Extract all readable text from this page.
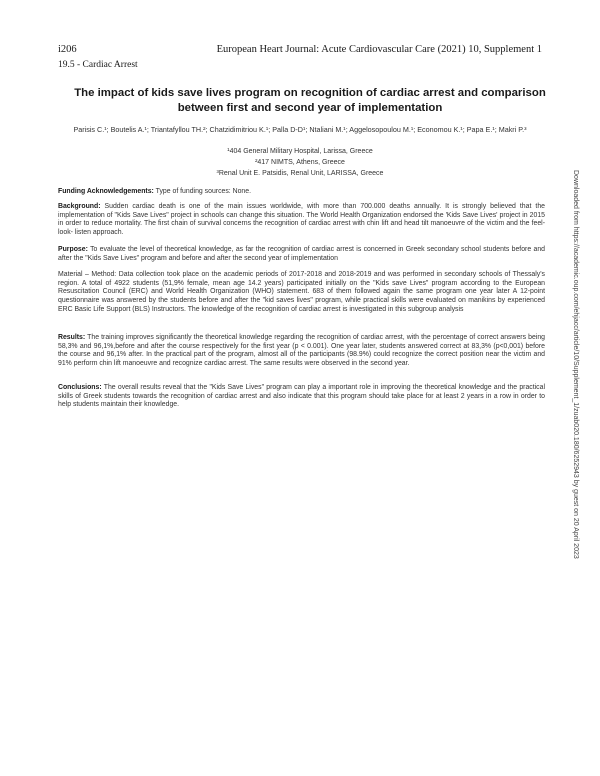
i206	European Heart Journal: Acute Cardiovascular Care (2021) 10, Supplement 1
19.5 - Cardiac Arrest
The impact of kids save lives program on recognition of cardiac arrest and comparison between first and second year of implementation
Parisis C.¹; Boutelis A.¹; Triantafyllou TH.²; Chatzidimitriou K.¹; Palla D-D¹; Ntaliani M.¹; Aggelosopoulou M.¹; Economou K.¹; Papa E.¹; Makri P.³
¹404 General Military Hospital, Larissa, Greece
²417 NIMTS, Athens, Greece
³Renal Unit E. Patsidis, Renal Unit, LARISSA, Greece

Funding Acknowledgements: Type of funding sources: None.

Background: Sudden cardiac death is one of the main issues worldwide, with more than 700.000 deaths annually. It is strongly believed that the implementation of "Kids Save Lives" project in schools can change this situation. The World Health Organization endorsed the 'Kids Save Lives' project in 2015 in order to reduce mortality. The first chain of survival concerns the recognition of cardiac arrest with chin lift and head tilt manoeuvre of the victim and the feel- look- listen approach.

Purpose: To evaluate the level of theoretical knowledge, as far the recognition of cardiac arrest is concerned in Greek secondary school students before and after the "Kids Save Lives" program and before and after the second year of implementation

Material – Method: Data collection took place on the academic periods of 2017-2018 and 2018-2019 and was performed in secondary schools of Thessaly's region. A total of 4922 students (51,9% female, mean age 14.2 years) participated initially on the "Kids save Lives" program according to the European Resuscitation Council (ERC) and World Health Organization (WHO) statement. 683 of them followed again the same program one year later A 12-point questionnaire was answered by the students before and after the "kid saves lives" program, while practical skills were evaluated on manikins by experienced ERC Basic Life Support (BLS) Instructors. The knowledge of the recognition of cardiac arrest is investigated in this subgroup analysis

Results: The training improves significantly the theoretical knowledge regarding the recognition of cardiac arrest, with the percentage of correct answers being 58,3% and 96,1%,before and after the course respectively for the first year (p < 0.001). One year later, students answered correct at 83,3% (p<0,001) before the course and 96,1% after. In the practical part of the program, almost all of the participants (98.9%) could recognize the correct position near the victim and 91% perform chin lift manoeuvre and recognize cardiac arrest. The same results were observed in the second year.

Conclusions: The overall results reveal that the "Kids Save Lives" program can play a important role in improving the theoretical knowledge and the practical skills of Greek students towards the recognition of cardiac arrest and also indicate that this program should take place for at least 2 years in a row in order to help students maintain their knowledge.	Downloaded from https://academic.oup.com/ehjacc/article/10/Supplement_1/zuab020.180/6252943 by guest on 20 April 2023
